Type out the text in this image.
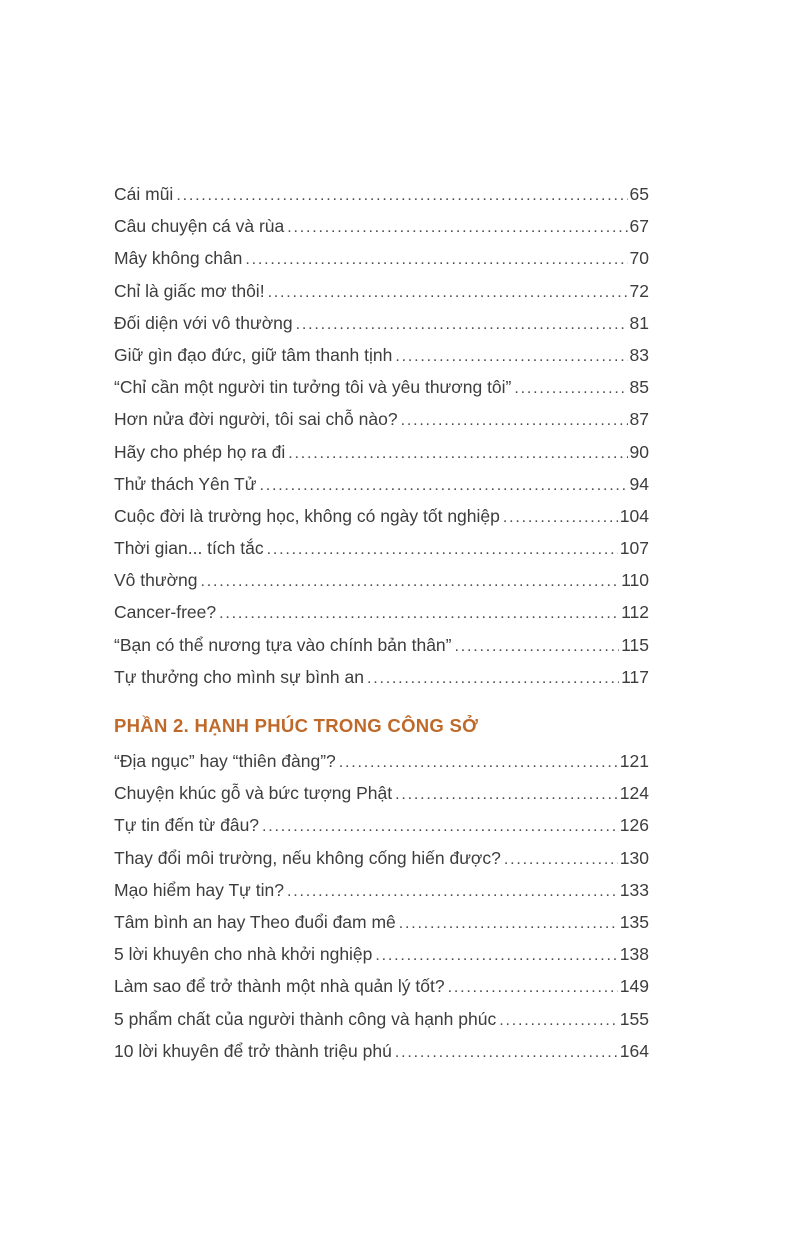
Cái mũi .....	65
Câu chuyện cá và rùa .....	67
Mây không chân .....	70
Chỉ là giấc mơ thôi! .....	72
Đối diện với vô thường .....	81
Giữ gìn đạo đức, giữ tâm thanh tịnh .....	83
“Chỉ cần một người tin tưởng tôi và yêu thương tôi” .....	85
Hơn nửa đời người, tôi sai chỗ nào? .....	87
Hãy cho phép họ ra đi .....	90
Thử thách Yên Tử .....	94
Cuộc đời là trường học, không có ngày tốt nghiệp .....	104
Thời gian... tích tắc .....	107
Vô thường .....	110
Cancer-free? .....	112
“Bạn có thể nương tựa vào chính bản thân” .....	115
Tự thưởng cho mình sự bình an .....	117
PHẦN 2. HẠNH PHÚC TRONG CÔNG SỞ
“Địa ngục” hay “thiên đàng”? .....	121
Chuyện khúc gỗ và bức tượng Phật .....	124
Tự tin đến từ đâu? .....	126
Thay đổi môi trường, nếu không cống hiến được? .....	130
Mạo hiểm hay Tự tin? .....	133
Tâm bình an hay Theo đuổi đam mê .....	135
5 lời khuyên cho nhà khởi nghiệp .....	138
Làm sao để trở thành một nhà quản lý tốt? .....	149
5 phẩm chất của người thành công và hạnh phúc .....	155
10 lời khuyên để trở thành triệu phú .....	164
